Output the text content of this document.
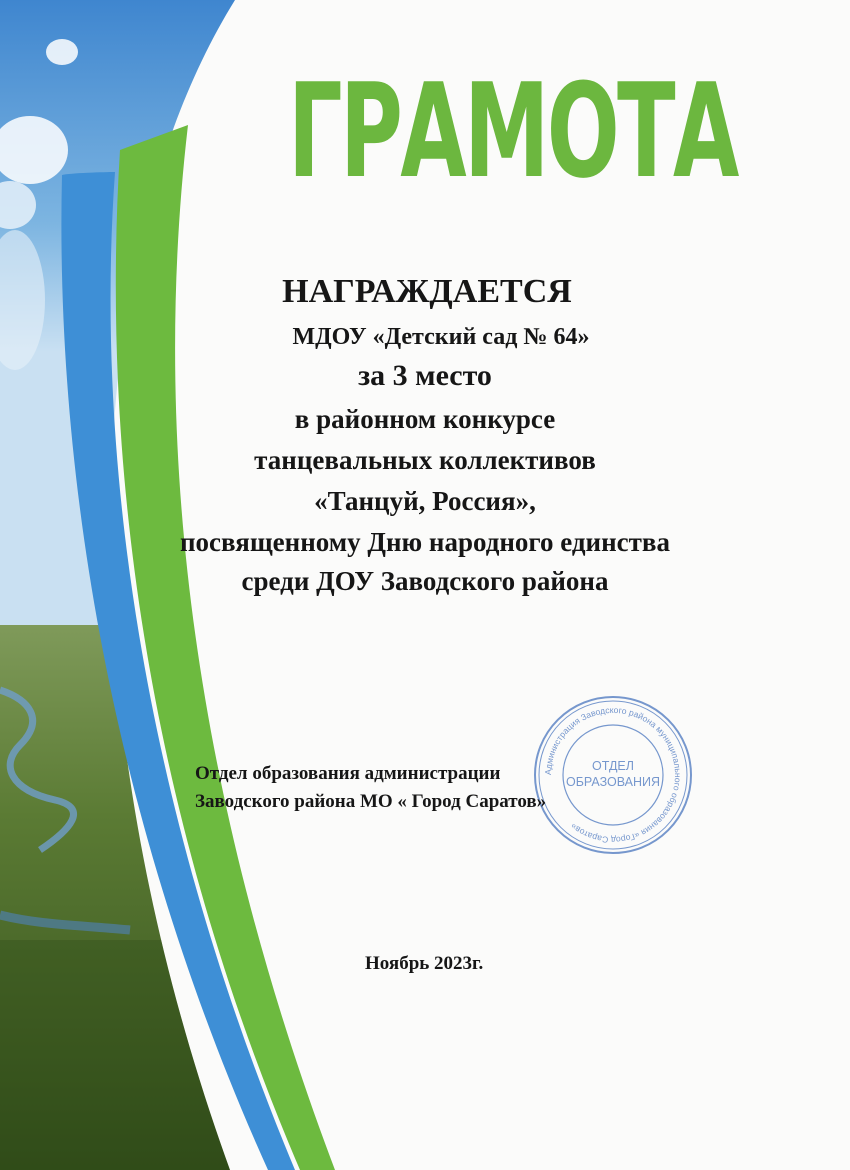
ГРАМОТА
НАГРАЖДАЕТСЯ
МДОУ «Детский сад № 64»
за 3 место
в районном конкурсе
танцевальных коллективов
«Танцуй, Россия»,
посвященному Дню народного единства
среди ДОУ Заводского района
Администрация Заводского района муниципального образования «Город Саратов»
ОТДЕЛ
ОБРАЗОВАНИЯ
Отдел образования администрации
Заводского района МО « Город Саратов»
Ноябрь 2023г.
